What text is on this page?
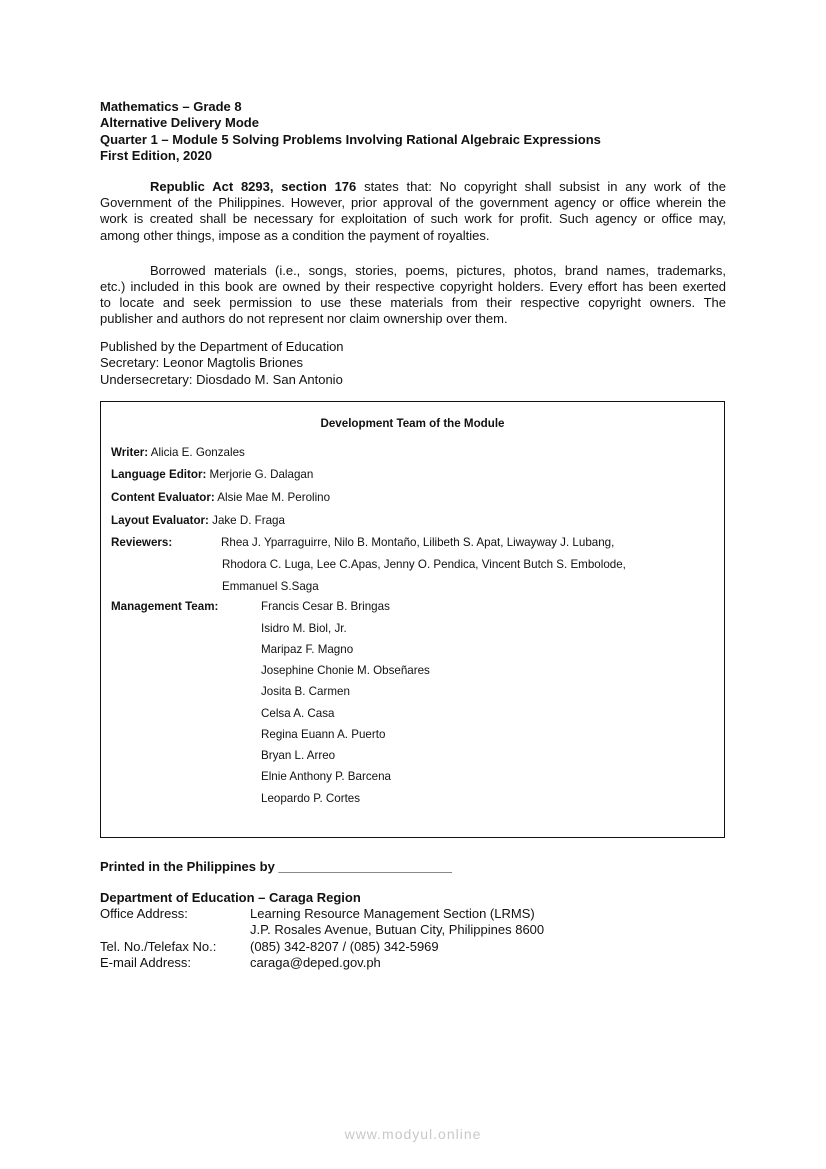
Mathematics – Grade 8
Alternative Delivery Mode
Quarter 1 – Module 5 Solving Problems Involving Rational Algebraic Expressions
First Edition, 2020
Republic Act 8293, section 176 states that: No copyright shall subsist in any work of the
Government of the Philippines. However, prior approval of the government agency or office wherein the
work is created shall be necessary for exploitation of such work for profit. Such agency or office may,
among other things, impose as a condition the payment of royalties.
Borrowed materials (i.e., songs, stories, poems, pictures, photos, brand names, trademarks,
etc.) included in this book are owned by their respective copyright holders. Every effort has been exerted
to locate and seek permission to use these materials from their respective copyright owners. The
publisher and authors do not represent nor claim ownership over them.
Published by the Department of Education
Secretary: Leonor Magtolis Briones
Undersecretary: Diosdado M. San Antonio
Development Team of the Module
Writer: Alicia E. Gonzales
Language Editor: Merjorie G. Dalagan
Content Evaluator: Alsie Mae M. Perolino
Layout Evaluator: Jake D. Fraga
Reviewers:	Rhea J. Yparraguirre, Nilo B. Montaño, Lilibeth S. Apat, Liwayway J. Lubang,
Rhodora C. Luga, Lee C.Apas, Jenny O. Pendica, Vincent Butch S. Embolode,
Emmanuel S.Saga
Management Team:	Francis Cesar B. Bringas
Isidro M. Biol, Jr.
Maripaz F. Magno
Josephine Chonie M. Obseñares
Josita B. Carmen
Celsa A. Casa
Regina Euann A. Puerto
Bryan L. Arreo
Elnie Anthony P. Barcena
Leopardo P. Cortes
Printed in the Philippines by ________________________
Department of Education – Caraga Region
Office Address:	Learning Resource Management Section (LRMS)
J.P. Rosales Avenue, Butuan City, Philippines 8600
Tel. No./Telefax No.:	(085) 342-8207 / (085) 342-5969
E-mail Address:	caraga@deped.gov.ph
www.modyul.online
